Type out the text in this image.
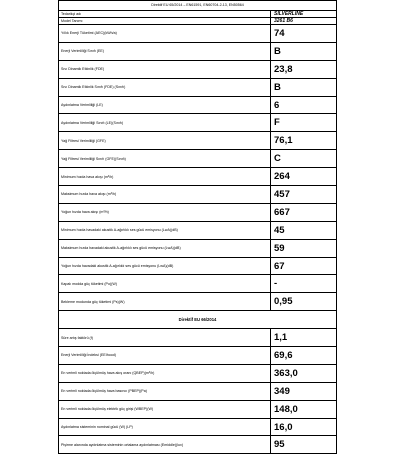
Direktif EU 65/2014 – EN61591, EN60704-2-13, EN50564
Tedarikçi adı	SILVERLINE
Model Tanımı	3261 B6
Yıllık Enerji Tüketimi (AEC)(kWh/a)	74
Enerji Verimliliği Sınıfı (EE)	B
Sıvı Dinamik Etkinlik (FDE)	23,8
Sıvı Dinamik Etkinlik Sınıfı (FDE) (Sınıfı)	B
Aydınlatma Verimliliği (LE)	6
Aydınlatma Verimliliği Sınıfı (LE)(Sınıfı)	F
Yağ Filtresi Verimliliği (GFE)	76,1
Yağ Filtresi Verimliliği Sınıfı (GFE)(Sınıfı)	C
Minimum hızda hava akışı (m³/h)	264
Maksimum hızda hava akışı (m³/h)	457
Yoğun hızda hava akışı (m³/h)	667
Minimum hızda havadaki akustik A-ağırlıklı ses gücü emisyonu (LwA)(dB)	45
Maksimum hızda havadaki akustik A-ağırlıklı ses gücü emisyonu (LwA)(dB)	59
Yoğun hızda havadaki akustik A-ağırlıklı ses gücü emisyonu (LwA)(dB)	67
Kapalı modda güç tüketimi (Po)(W)	-
Bekleme modunda güç tüketimi (Ps)(W)	0,95
Direktif EU 66/2014	
Süre artış faktörü (f)	1,1
Enerji Verimliliği İndeksi (EEIhood)	69,6
En verimli noktada ölçülmüş hava akış oranı (QBEP)(m³/h)	363,0
En verimli noktada ölçülmüş hava basıncı (PBEP)(Pa)	349
En verimli noktada ölçülmüş elektrik güç girişi (WBEP)(W)	148,0
Aydınlatma sisteminin nominal gücü (W) (LP)	16,0
Pişirme alanında aydınlatma sisteminin ortalama aydınlatması (Emiddle)(lux)	95
